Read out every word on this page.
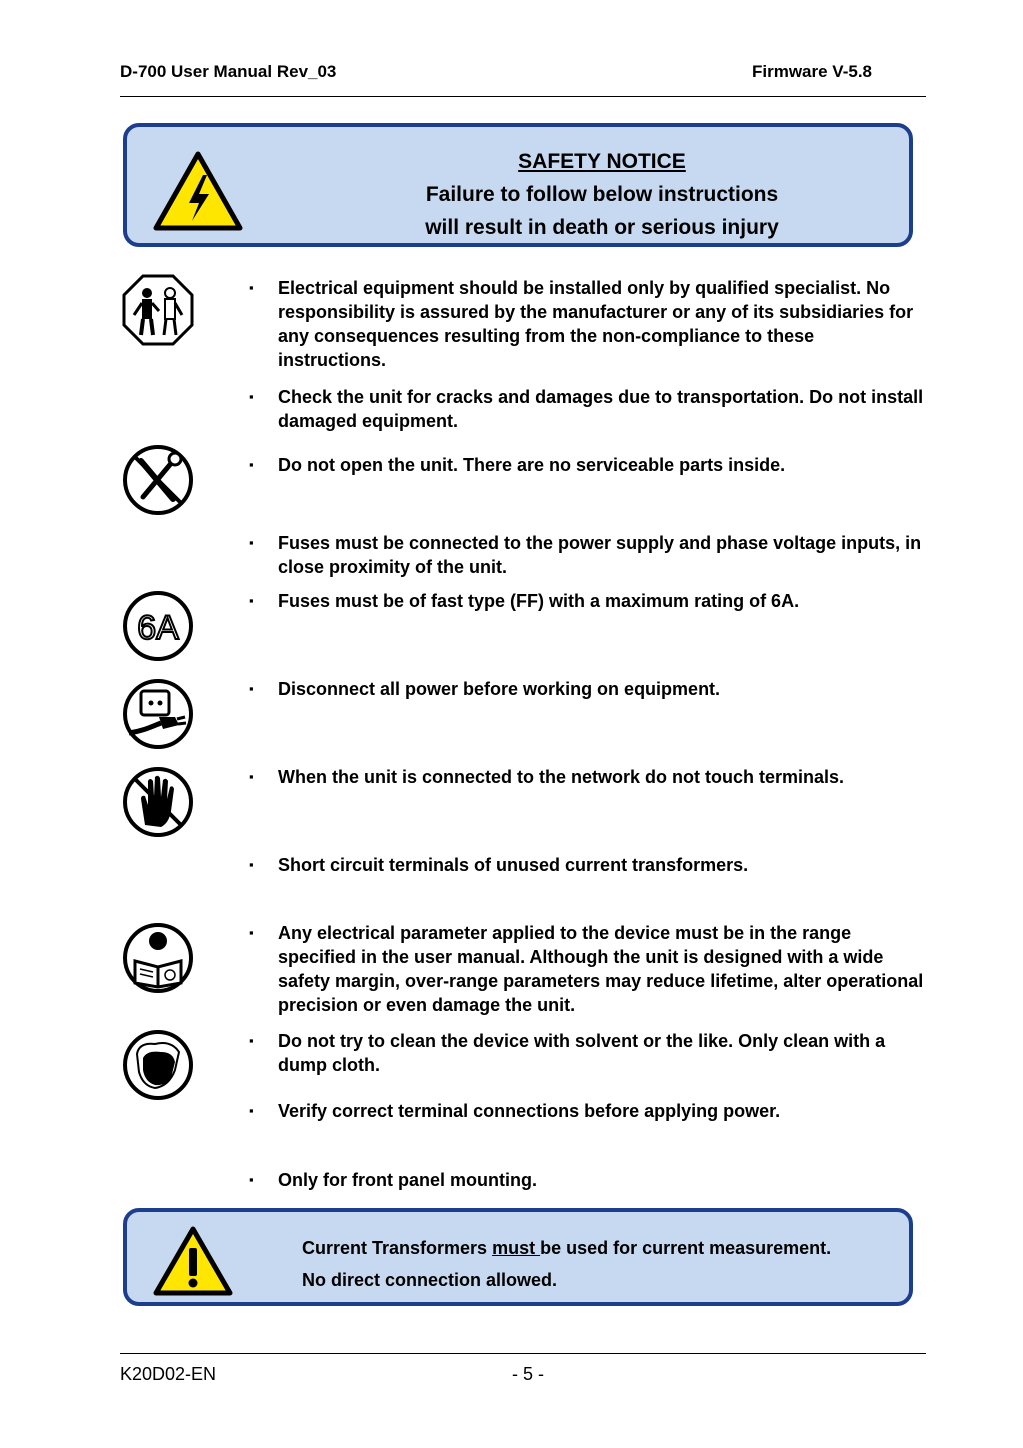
D-700 User Manual Rev_03	Firmware V-5.8
SAFETY NOTICE
Failure to follow below instructions
will result in death or serious injury
6A
▪ Electrical equipment should be installed only by qualified specialist. No responsibility is assured by the manufacturer or any of its subsidiaries for any consequences resulting from the non-compliance to these instructions.
▪ Check the unit for cracks and damages due to transportation. Do not install damaged equipment.
▪ Do not open the unit. There are no serviceable parts inside.
▪ Fuses must be connected to the power supply and phase voltage inputs, in close proximity of the unit.
▪ Fuses must be of fast type (FF) with a maximum rating of 6A.
▪ Disconnect all power before working on equipment.
▪ When the unit is connected to the network do not touch terminals.
▪ Short circuit terminals of unused current transformers.
▪ Any electrical parameter applied to the device must be in the range specified in the user manual. Although the unit is designed with a wide safety margin, over-range parameters may reduce lifetime, alter operational precision or even damage the unit.
▪ Do not try to clean the device with solvent or the like. Only clean with a dump cloth.
▪ Verify correct terminal connections before applying power.
▪ Only for front panel mounting.
Current Transformers must be used for current measurement.
No direct connection allowed.
K20D02-EN	- 5 -
